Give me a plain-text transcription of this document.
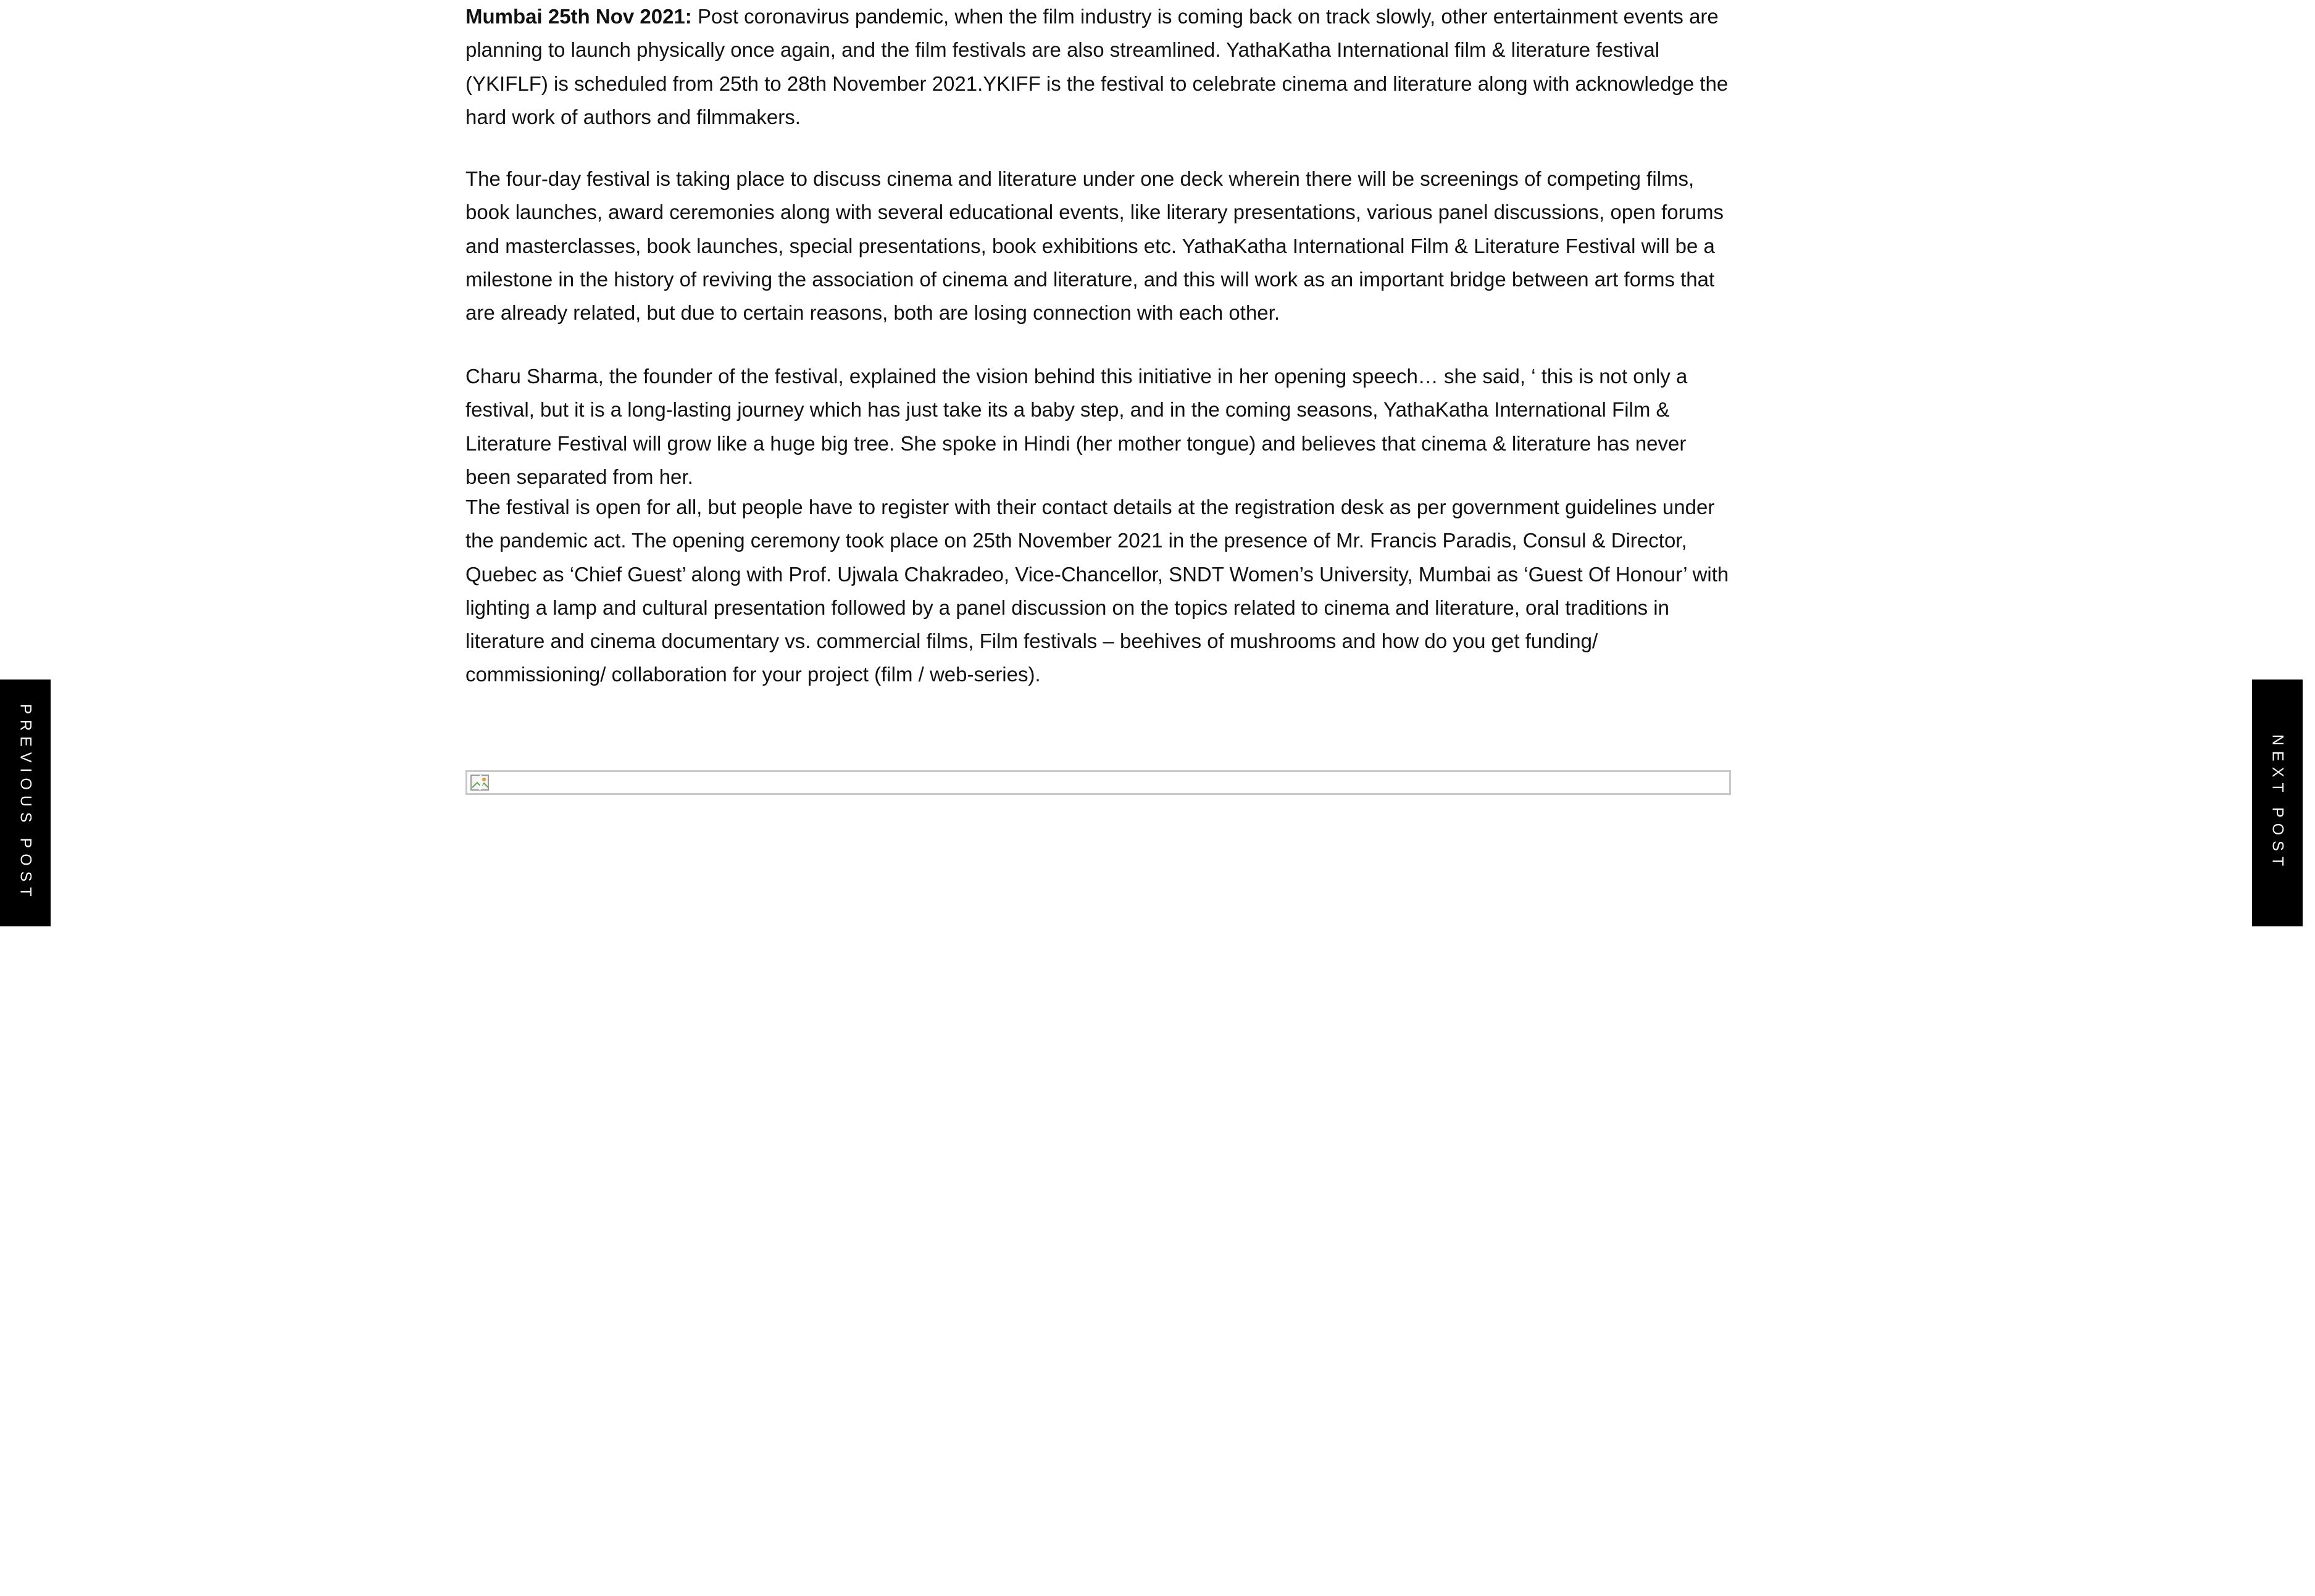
Mumbai 25th Nov 2021: Post coronavirus pandemic, when the film industry is coming back on track slowly, other entertainment events are planning to launch physically once again, and the film festivals are also streamlined. YathaKatha International film & literature festival (YKIFLF) is scheduled from 25th to 28th November 2021.YKIFF is the festival to celebrate cinema and literature along with acknowledge the hard work of authors and filmmakers.

The four-day festival is taking place to discuss cinema and literature under one deck wherein there will be screenings of competing films, book launches, award ceremonies along with several educational events, like literary presentations, various panel discussions, open forums and masterclasses, book launches, special presentations, book exhibitions etc. YathaKatha International Film & Literature Festival will be a milestone in the history of reviving the association of cinema and literature, and this will work as an important bridge between art forms that are already related, but due to certain reasons, both are losing connection with each other.

Charu Sharma, the founder of the festival, explained the vision behind this initiative in her opening speech… she said, ‘ this is not only a festival, but it is a long-lasting journey which has just take its a baby step, and in the coming seasons, YathaKatha International Film & Literature Festival will grow like a huge big tree. She spoke in Hindi (her mother tongue) and believes that cinema & literature has never been separated from her.

The festival is open for all, but people have to register with their contact details at the registration desk as per government guidelines under the pandemic act. The opening ceremony took place on 25th November 2021 in the presence of Mr. Francis Paradis, Consul & Director, Quebec as ‘Chief Guest’ along with Prof. Ujwala Chakradeo, Vice-Chancellor, SNDT Women’s University, Mumbai as ‘Guest Of Honour’ with lighting a lamp and cultural presentation followed by a panel discussion on the topics related to cinema and literature, oral traditions in literature and cinema documentary vs. commercial films, Film festivals – beehives of mushrooms and how do you get funding/ commissioning/ collaboration for your project (film / web-series).

PREVIOUS POST	NEXT POST
